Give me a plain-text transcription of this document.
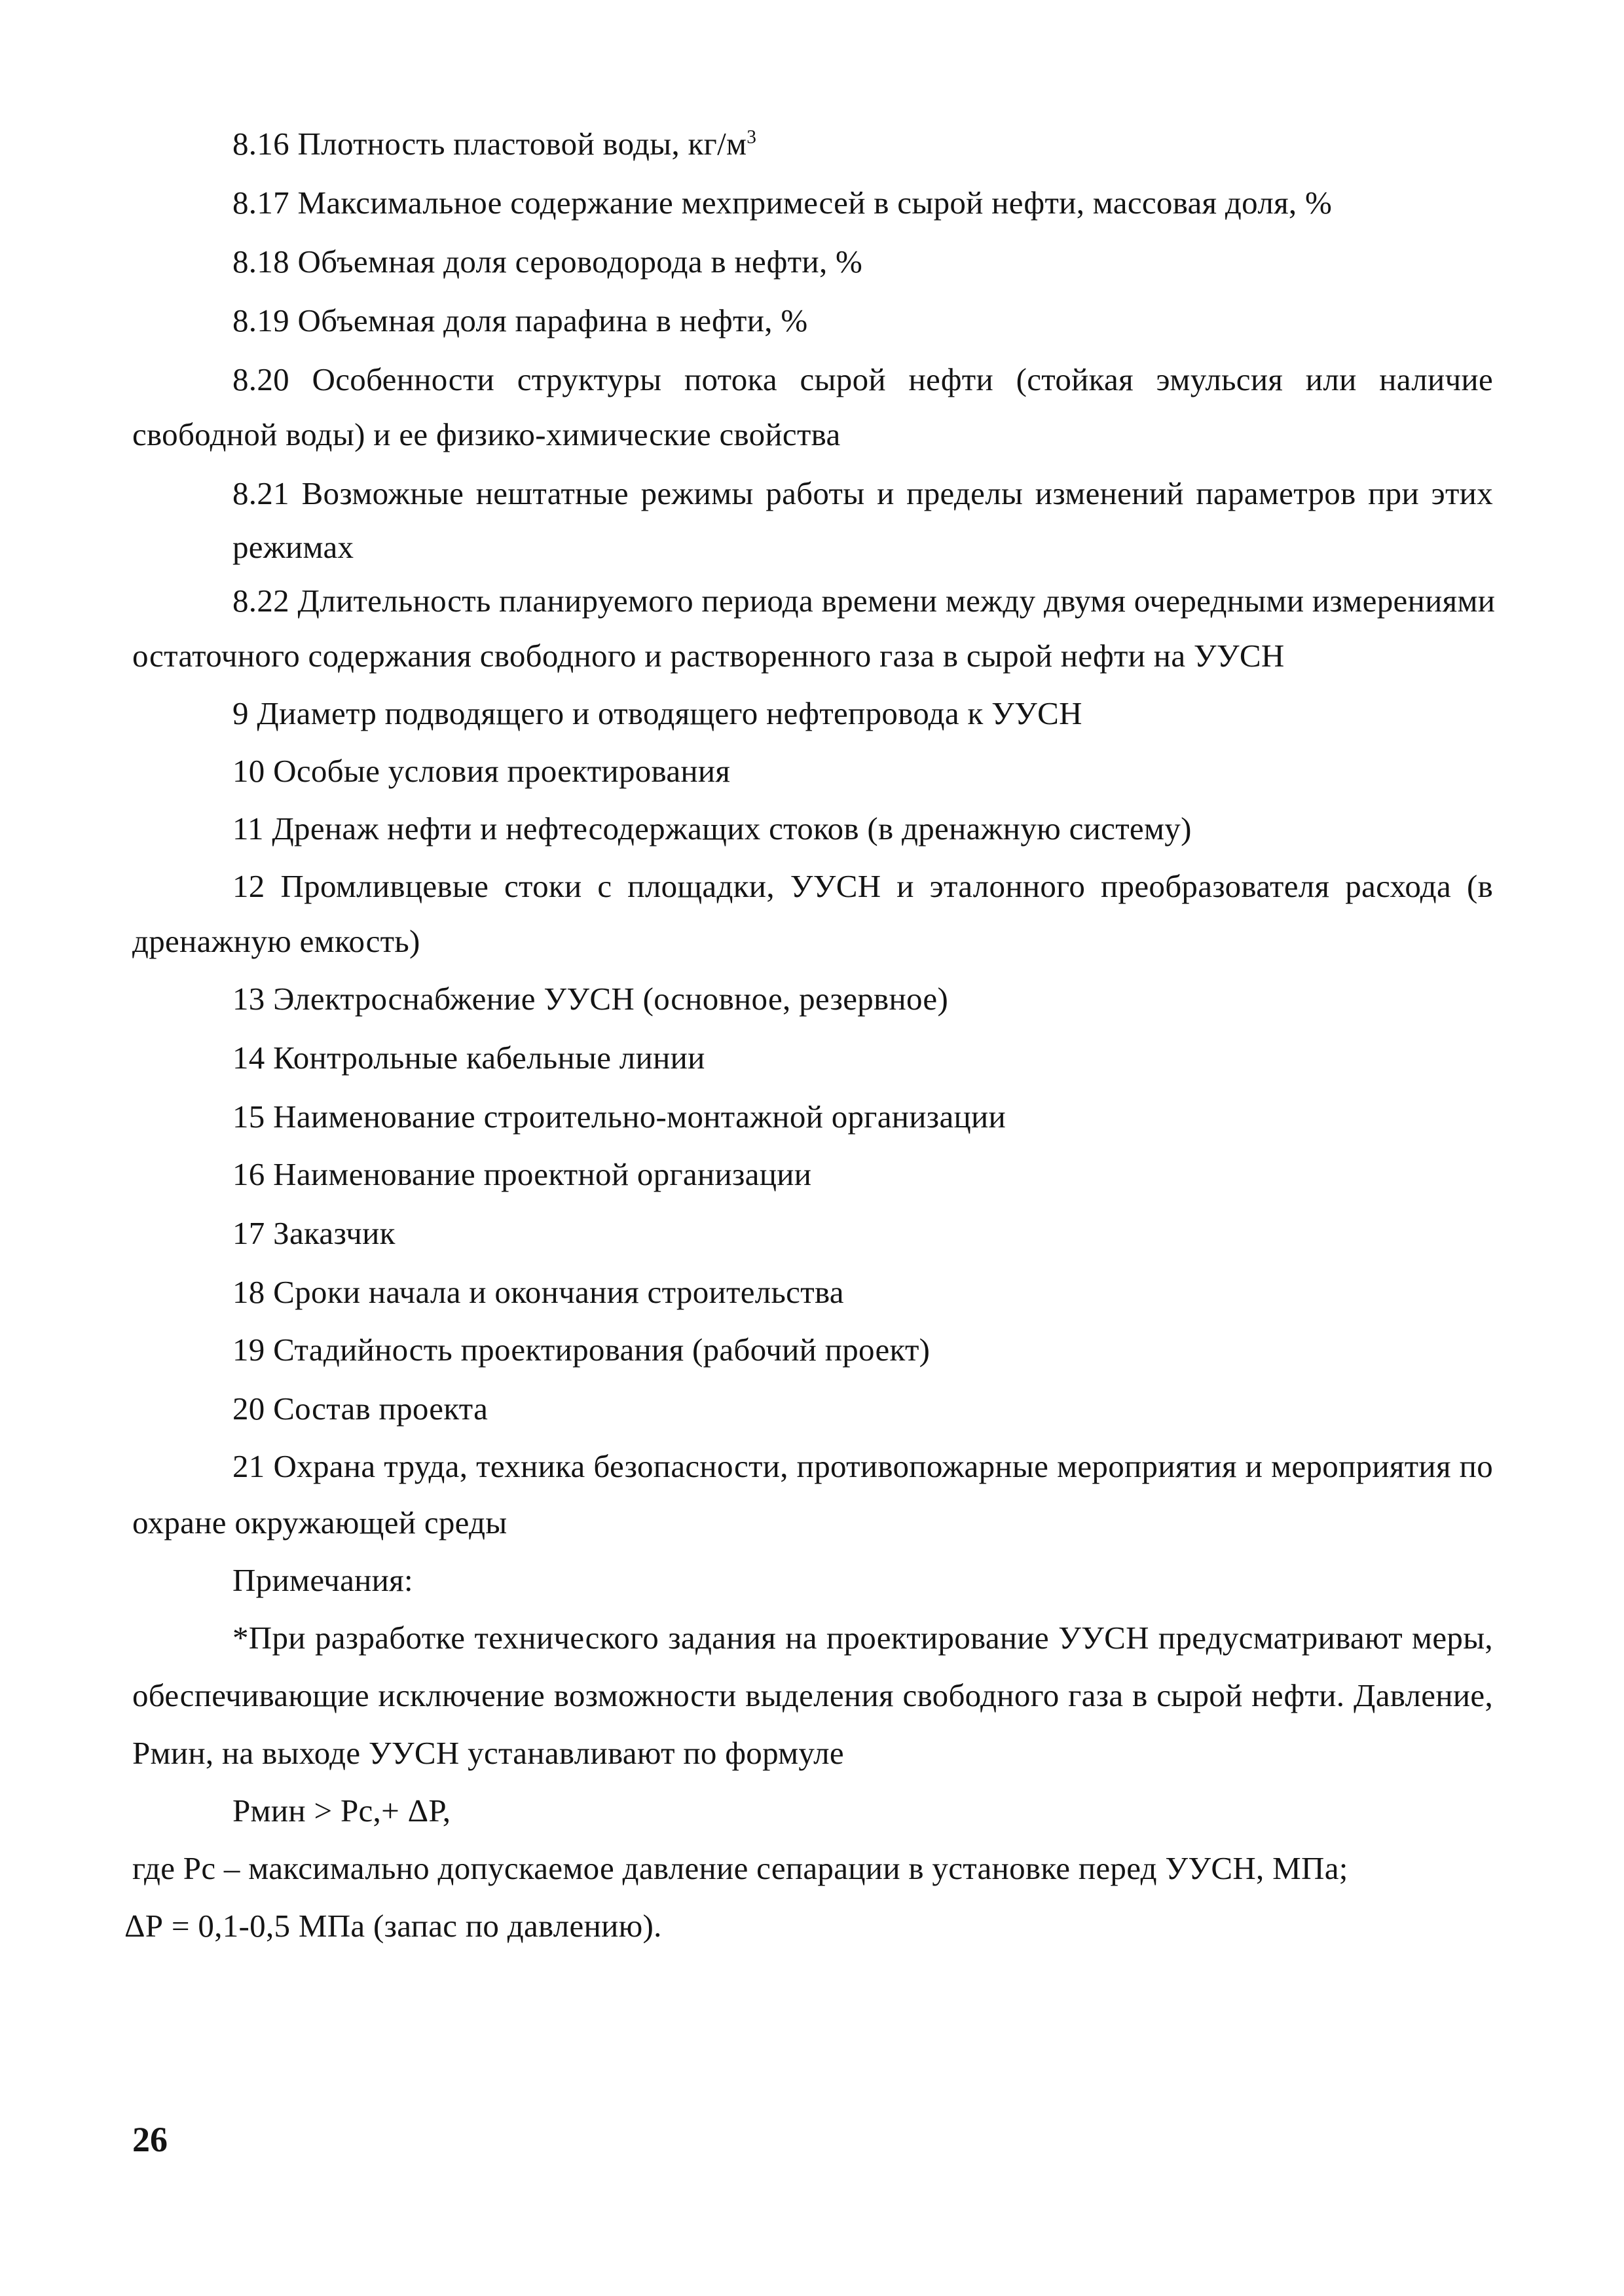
8.16 Плотность пластовой воды, $кг/м^3$
8.17 Максимальное содержание мехпримесей в сырой нефти, массовая доля, %
8.18 Объемная доля сероводорода в нефти, %
8.19 Объемная доля парафина в нефти, %
8.20 Особенности структуры потока сырой нефти (стойкая эмульсия или наличие
свободной воды) и ее физико-химические свойства
8.21 Возможные нештатные режимы работы и пределы изменений параметров при этих
режимах
8.22 Длительность планируемого периода времени между двумя очередными измерениями
остаточного содержания свободного и растворенного газа в сырой нефти на УУСН
9 Диаметр подводящего и отводящего нефтепровода к УУСН
10 Особые условия проектирования
11 Дренаж нефти и нефтесодержащих стоков (в дренажную систему)
12 Промливцевые стоки с площадки, УУСН и эталонного преобразователя расхода (в
дренажную емкость)
13 Электроснабжение УУСН (основное, резервное)
14 Контрольные кабельные линии
15 Наименование строительно-монтажной организации
16 Наименование проектной организации
17 Заказчик
18 Сроки начала и окончания строительства
19 Стадийность проектирования (рабочий проект)
20 Состав проекта
21 Охрана труда, техника безопасности, противопожарные мероприятия и мероприятия по
охране окружающей среды
Примечания:
*При разработке технического задания на проектирование УУСН предусматривают меры,
обеспечивающие исключение возможности выделения свободного газа в сырой нефти. Давление,
Рмин, на выходе УУСН устанавливают по формуле
Рмин > Рс,+ ΔР,
где Рс – максимально допускаемое давление сепарации в установке перед УУСН, МПа;
ΔР = 0,1-0,5 МПа (запас по давлению).
26
